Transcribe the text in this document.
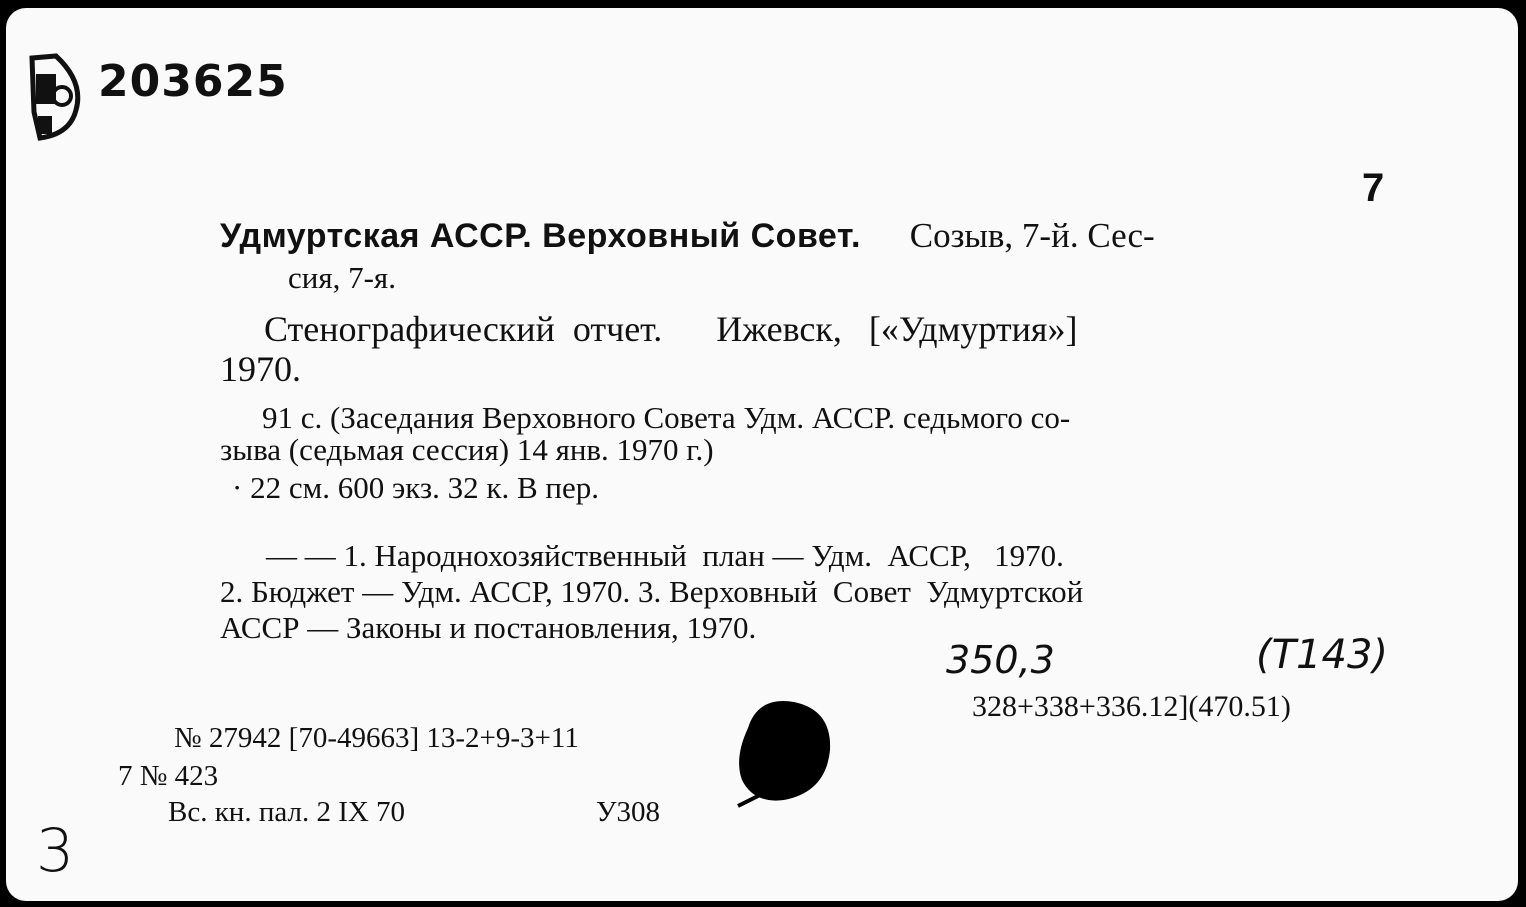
203625
7
Удмуртская АССР. Верховный Совет. Созыв, 7-й. Сес-
сия, 7-я.
Стенографический  отчет.      Ижевск,   [«Удмуртия»]
1970.
91 с. (Заседания Верховного Совета Удм. АССР. седьмого со-
зыва (седьмая сессия) 14 янв. 1970 г.)
· 22 см. 600 экз. 32 к. В пер.
— — 1. Народнохозяйственный  план — Удм.  АССР,   1970.
2. Бюджет — Удм. АССР, 1970. 3. Верховный  Совет  Удмуртской
АССР — Законы и постановления, 1970.
350,3	(Т143)
328+338+336.12](470.51)
№ 27942 [70-49663] 13-2+9-3+11
7 № 423
Вс. кн. пал. 2 IX 70	У308
3
